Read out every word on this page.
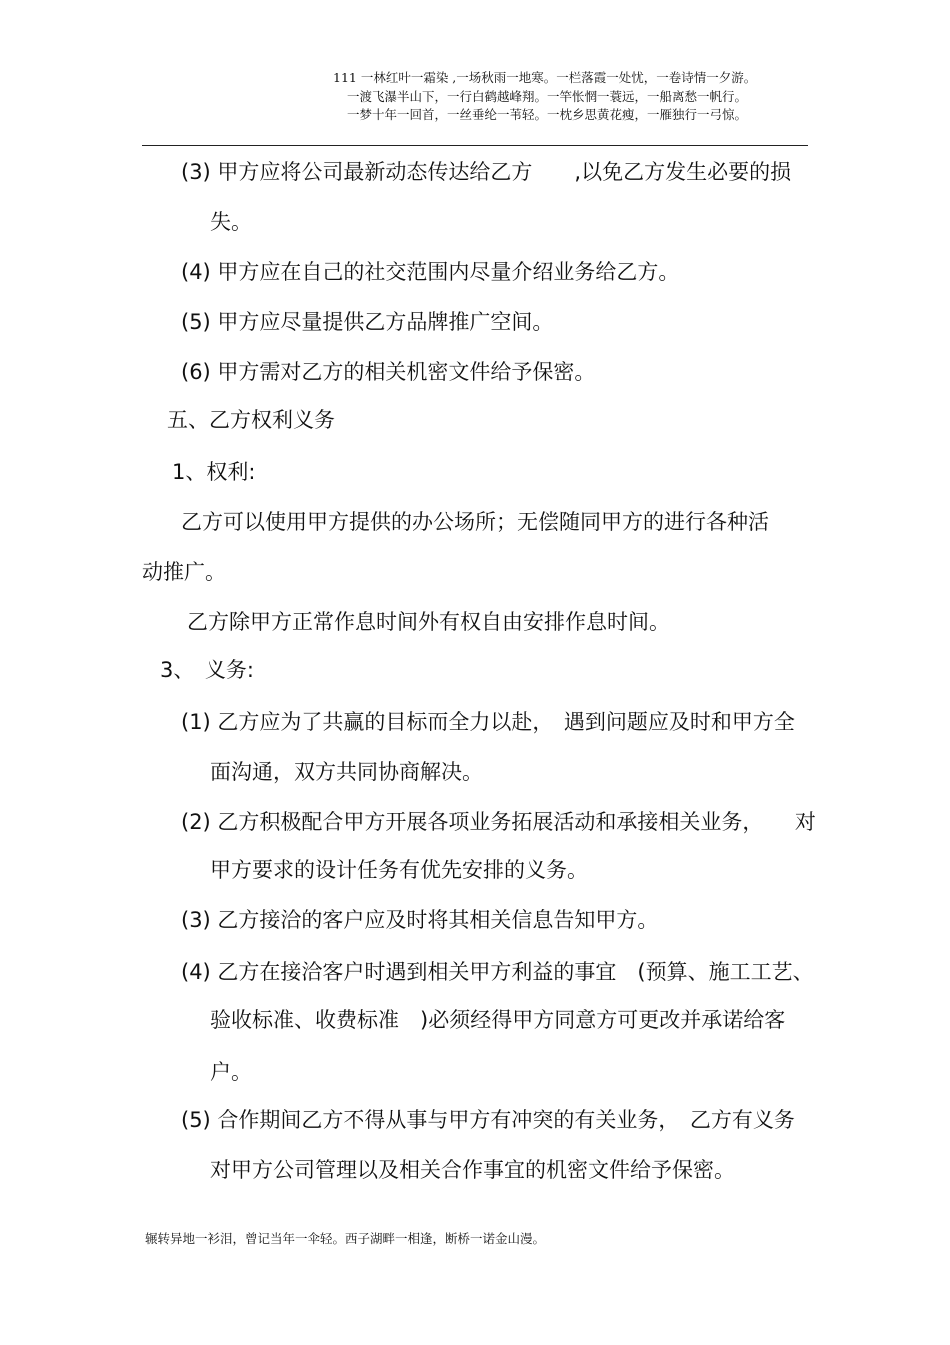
111 一林红叶一霜染 ,一场秋雨一地寒。一栏落霞一处忧，一卷诗情一夕游。
一渡飞瀑半山下，一行白鹤越峰翔。一竿怅惘一蓑远，一船离愁一帆行。
一梦十年一回首，一丝垂纶一苇轻。一枕乡思黄花瘦，一雁独行一弓惊。
(3) 甲方应将公司最新动态传达给乙方　　,以免乙方发生必要的损
失。
(4) 甲方应在自己的社交范围内尽量介绍业务给乙方。
(5) 甲方应尽量提供乙方品牌推广空间。
(6) 甲方需对乙方的相关机密文件给予保密。
五、乙方权利义务
1、权利:
乙方可以使用甲方提供的办公场所；无偿随同甲方的进行各种活
动推广。
乙方除甲方正常作息时间外有权自由安排作息时间。
3、　义务:
(1) 乙方应为了共赢的目标而全力以赴，　遇到问题应及时和甲方全
面沟通，双方共同协商解决。
(2) 乙方积极配合甲方开展各项业务拓展活动和承接相关业务，　　对
甲方要求的设计任务有优先安排的义务。
(3) 乙方接洽的客户应及时将其相关信息告知甲方。
(4) 乙方在接洽客户时遇到相关甲方利益的事宜　(预算、施工工艺、
验收标准、收费标准　)必须经得甲方同意方可更改并承诺给客
户。
(5) 合作期间乙方不得从事与甲方有冲突的有关业务，　乙方有义务
对甲方公司管理以及相关合作事宜的机密文件给予保密。
辗转异地一衫泪，曾记当年一伞轻。西子湖畔一相逢，断桥一诺金山漫。
